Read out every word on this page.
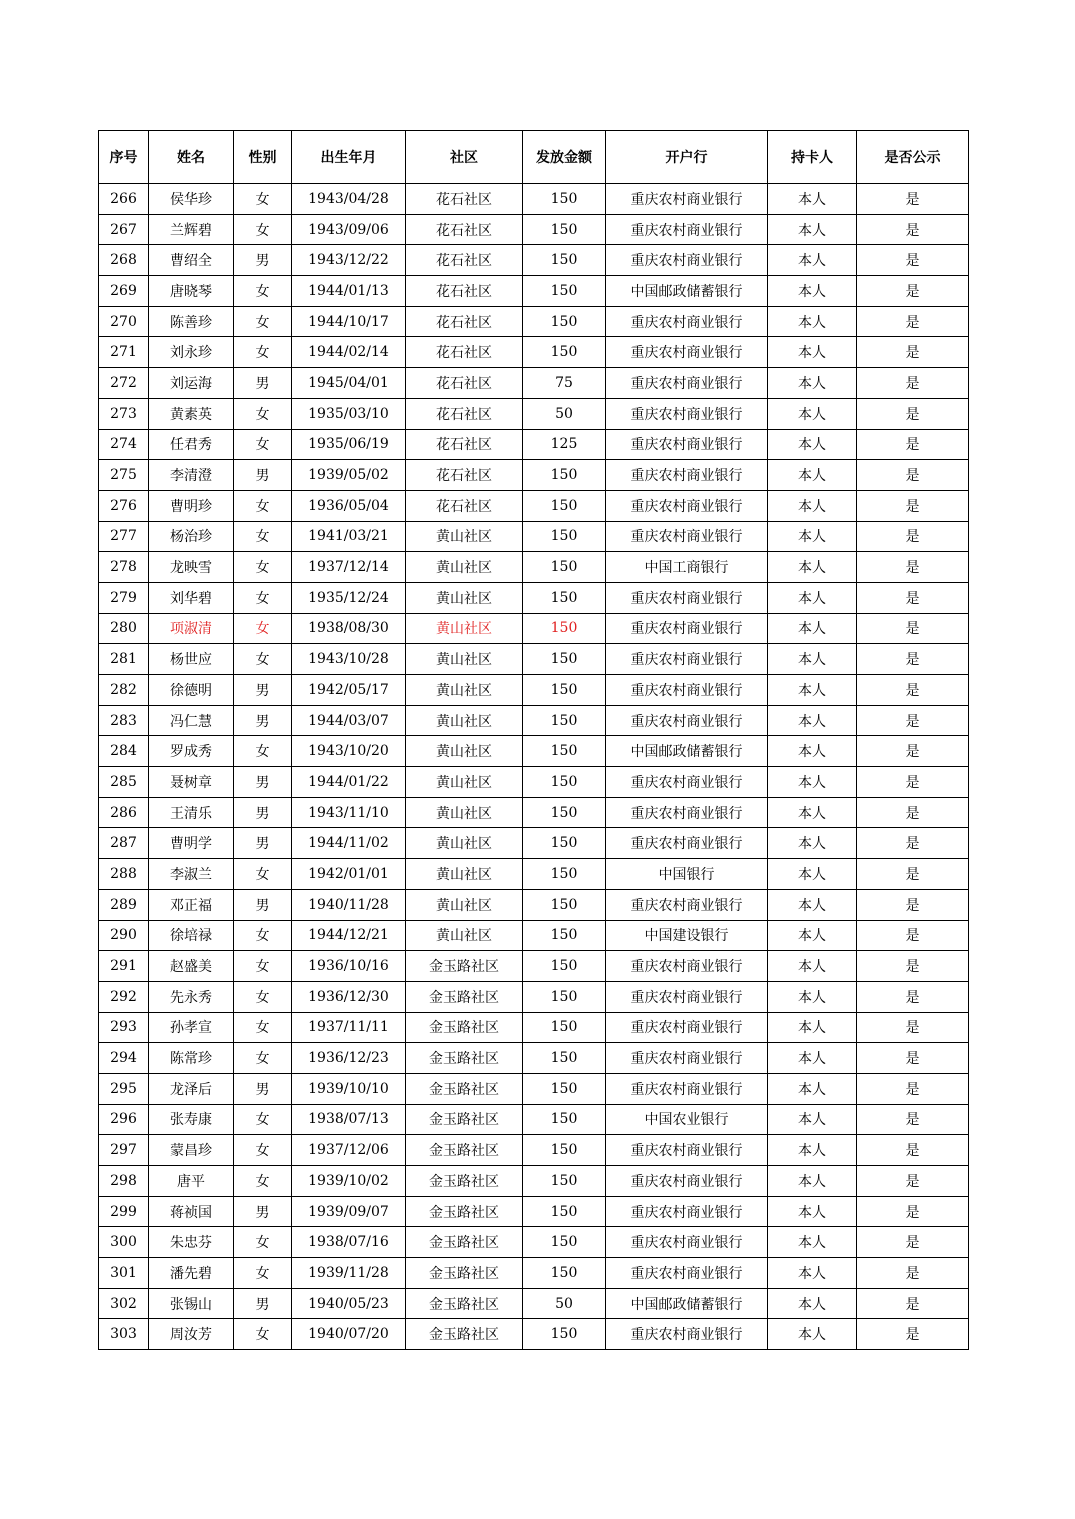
序号	姓名	性别	出生年月	社区	发放金额	开户行	持卡人	是否公示
266	侯华珍	女	1943/04/28	花石社区	150	重庆农村商业银行	本人	是
267	兰辉碧	女	1943/09/06	花石社区	150	重庆农村商业银行	本人	是
268	曹绍全	男	1943/12/22	花石社区	150	重庆农村商业银行	本人	是
269	唐晓琴	女	1944/01/13	花石社区	150	中国邮政储蓄银行	本人	是
270	陈善珍	女	1944/10/17	花石社区	150	重庆农村商业银行	本人	是
271	刘永珍	女	1944/02/14	花石社区	150	重庆农村商业银行	本人	是
272	刘运海	男	1945/04/01	花石社区	75	重庆农村商业银行	本人	是
273	黄素英	女	1935/03/10	花石社区	50	重庆农村商业银行	本人	是
274	任君秀	女	1935/06/19	花石社区	125	重庆农村商业银行	本人	是
275	李清澄	男	1939/05/02	花石社区	150	重庆农村商业银行	本人	是
276	曹明珍	女	1936/05/04	花石社区	150	重庆农村商业银行	本人	是
277	杨治珍	女	1941/03/21	黄山社区	150	重庆农村商业银行	本人	是
278	龙映雪	女	1937/12/14	黄山社区	150	中国工商银行	本人	是
279	刘华碧	女	1935/12/24	黄山社区	150	重庆农村商业银行	本人	是
280	项淑清	女	1938/08/30	黄山社区	150	重庆农村商业银行	本人	是
281	杨世应	女	1943/10/28	黄山社区	150	重庆农村商业银行	本人	是
282	徐德明	男	1942/05/17	黄山社区	150	重庆农村商业银行	本人	是
283	冯仁慧	男	1944/03/07	黄山社区	150	重庆农村商业银行	本人	是
284	罗成秀	女	1943/10/20	黄山社区	150	中国邮政储蓄银行	本人	是
285	聂树章	男	1944/01/22	黄山社区	150	重庆农村商业银行	本人	是
286	王清乐	男	1943/11/10	黄山社区	150	重庆农村商业银行	本人	是
287	曹明学	男	1944/11/02	黄山社区	150	重庆农村商业银行	本人	是
288	李淑兰	女	1942/01/01	黄山社区	150	中国银行	本人	是
289	邓正福	男	1940/11/28	黄山社区	150	重庆农村商业银行	本人	是
290	徐培禄	女	1944/12/21	黄山社区	150	中国建设银行	本人	是
291	赵盛美	女	1936/10/16	金玉路社区	150	重庆农村商业银行	本人	是
292	先永秀	女	1936/12/30	金玉路社区	150	重庆农村商业银行	本人	是
293	孙孝宣	女	1937/11/11	金玉路社区	150	重庆农村商业银行	本人	是
294	陈常珍	女	1936/12/23	金玉路社区	150	重庆农村商业银行	本人	是
295	龙泽后	男	1939/10/10	金玉路社区	150	重庆农村商业银行	本人	是
296	张寿康	女	1938/07/13	金玉路社区	150	中国农业银行	本人	是
297	蒙昌珍	女	1937/12/06	金玉路社区	150	重庆农村商业银行	本人	是
298	唐平	女	1939/10/02	金玉路社区	150	重庆农村商业银行	本人	是
299	蒋祯国	男	1939/09/07	金玉路社区	150	重庆农村商业银行	本人	是
300	朱忠芬	女	1938/07/16	金玉路社区	150	重庆农村商业银行	本人	是
301	潘先碧	女	1939/11/28	金玉路社区	150	重庆农村商业银行	本人	是
302	张锡山	男	1940/05/23	金玉路社区	50	中国邮政储蓄银行	本人	是
303	周汝芳	女	1940/07/20	金玉路社区	150	重庆农村商业银行	本人	是
